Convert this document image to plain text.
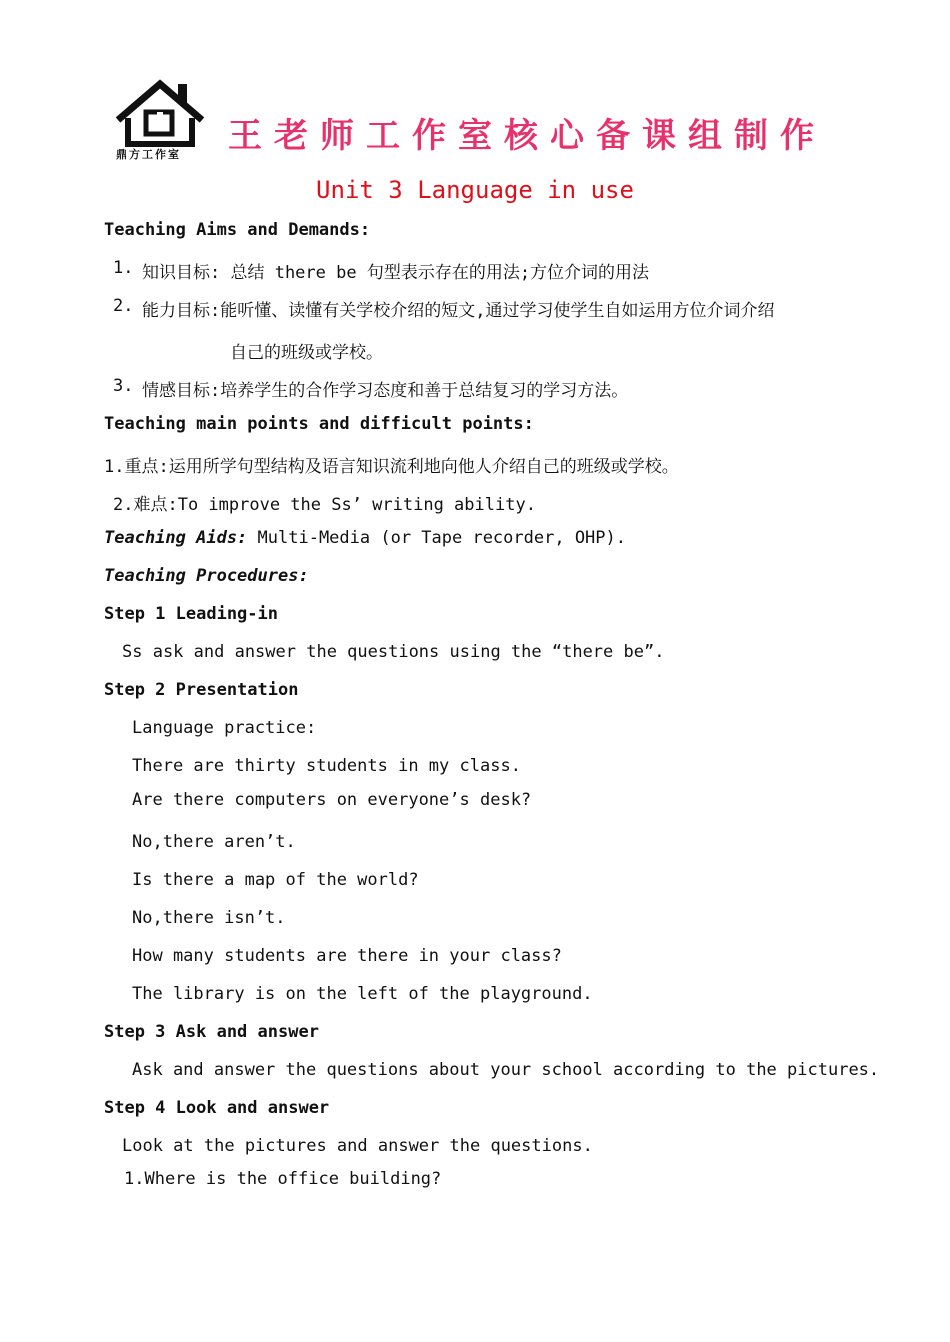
鼎方工作室 王老师工作室核心备课组制作
Unit 3 Language in use
Teaching Aims and Demands:
1. 知识目标: 总结 there be 句型表示存在的用法;方位介词的用法
2. 能力目标:能听懂、读懂有关学校介绍的短文,通过学习使学生自如运用方位介词介绍
自己的班级或学校。
3. 情感目标:培养学生的合作学习态度和善于总结复习的学习方法。
Teaching main points and difficult points:
1.重点:运用所学句型结构及语言知识流利地向他人介绍自己的班级或学校。
2.难点:To improve the Ss’ writing ability.
Teaching Aids: Multi-Media (or Tape recorder, OHP).
Teaching Procedures:
Step 1 Leading-in
Ss ask and answer the questions using the “there be”.
Step 2 Presentation
Language practice:
There are thirty students in my class.
Are there computers on everyone’s desk?
No,there aren’t.
Is there a map of the world?
No,there isn’t.
How many students are there in your class?
The library is on the left of the playground.
Step 3 Ask and answer
Ask and answer the questions about your school according to the pictures.
Step 4 Look and answer
Look at the pictures and answer the questions.
1.Where is the office building?
